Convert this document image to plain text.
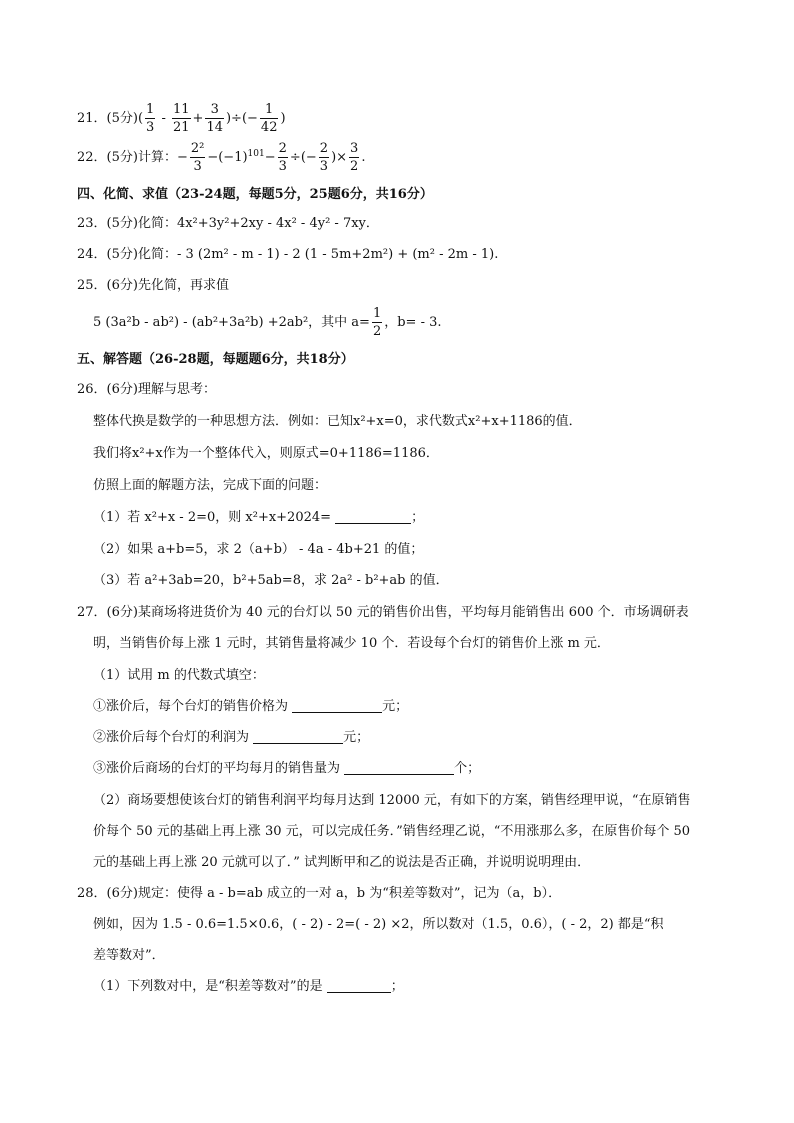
21．(5分)( $\frac{1}{3} - \frac{11}{21} + \frac{3}{14}$ )÷(− $\frac{1}{42}$ )
22．(5分)计算：− $\frac{\text{2²}}{3} -(-1)^{101}- \frac{2}{3}$ ÷(− $\frac{2}{3}$ )× $\frac{3}{2}$ .
四、化简、求值（23-24题，每题5分，25题6分，共16分）
23．(5分)化简：4x²+3y²+2xy - 4x² - 4y² - 7xy．
24．(5分)化简：- 3 (2m² - m - 1) - 2 (1 - 5m+2m²) + (m² - 2m - 1).
25．(6分)先化简，再求值
5 (3a²b - ab²) - (ab²+3a²b) +2ab²，其中 $a= \frac{1}{2}$ ，b= - 3.
五、解答题（26-28题，每题题6分，共18分）
26．(6分)理解与思考：
整体代换是数学的一种思想方法．例如：已知x²+x=0，求代数式x²+x+1186的值．
我们将x²+x作为一个整体代入，则原式=0+1186=1186．
仿照上面的解题方法，完成下面的问题：
（1）若 x²+x - 2=0，则 x²+x+2024=	；
（2）如果 a+b=5，求 2（a+b） - 4a - 4b+21 的值；
（3）若 a²+3ab=20，b²+5ab=8，求 2a² - b²+ab 的值．
27．(6分)某商场将进货价为 40 元的台灯以 50 元的销售价出售，平均每月能销售出 600 个．市场调研表
明，当销售价每上涨 1 元时，其销售量将减少 10 个．若设每个台灯的销售价上涨 m 元．
（1）试用 m 的代数式填空：
①涨价后，每个台灯的销售价格为	元；
②涨价后每个台灯的利润为	元；
③涨价后商场的台灯的平均每月的销售量为	个；
（2）商场要想使该台灯的销售利润平均每月达到 12000 元，有如下的方案，销售经理甲说，“在原销售
价每个 50 元的基础上再上涨 30 元，可以完成任务．”销售经理乙说，“不用涨那么多，在原售价每个 50
元的基础上再上涨 20 元就可以了．” 试判断甲和乙的说法是否正确，并说明说明理由．
28．(6分)规定：使得 a - b=ab 成立的一对 a，b 为“积差等数对”，记为（a，b）．
例如，因为 1.5 - 0.6=1.5×0.6，( - 2) - 2=( - 2) ×2，所以数对（1.5，0.6），( - 2，2) 都是“积
差等数对”．
（1）下列数对中，是“积差等数对”的是	；
